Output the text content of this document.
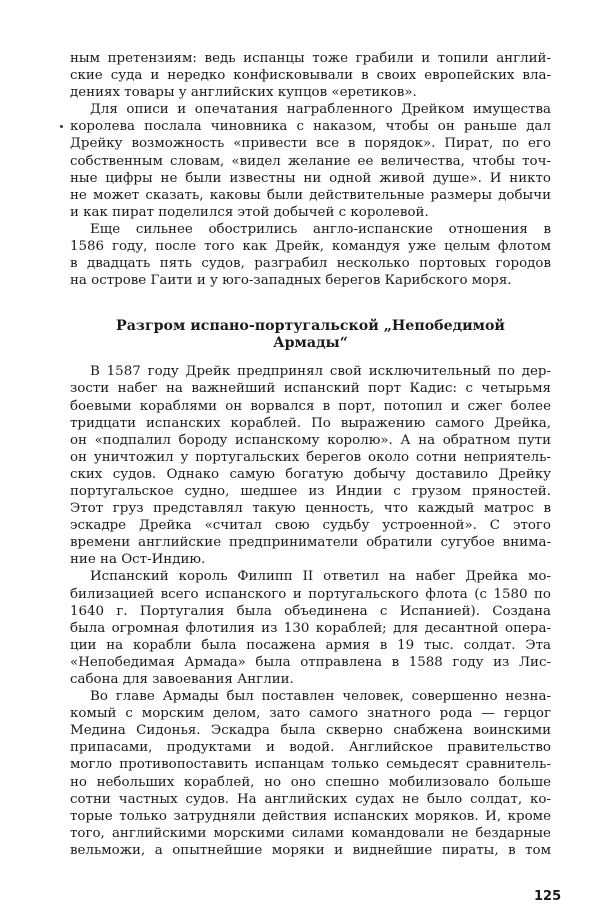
ным претензиям: ведь испанцы тоже грабили и топили англий-
ские суда и нередко конфисковывали в своих европейских вла-
дениях товары у английских купцов «еретиков».
Для описи и опечатания награбленного Дрейком имущества
королева послала чиновника с наказом, чтобы он раньше дал
Дрейку возможность «привести все в порядок». Пират, по его
собственным словам, «видел желание ее величества, чтобы точ-
ные цифры не были известны ни одной живой душе». И никто
не может сказать, каковы были действительные размеры добычи
и как пират поделился этой добычей с королевой.
Еще сильнее обострились англо-испанские отношения в
1586 году, после того как Дрейк, командуя уже целым флотом
в двадцать пять судов, разграбил несколько портовых городов
на острове Гаити и у юго-западных берегов Карибского моря.
Разгром испано-португальской „Непобедимой
Армады“
В 1587 году Дрейк предпринял свой исключительный по дер-
зости набег на важнейший испанский порт Кадис: с четырьмя
боевыми кораблями он ворвался в порт, потопил и сжег более
тридцати испанских кораблей. По выражению самого Дрейка,
он «подпалил бороду испанскому королю». А на обратном пути
он уничтожил у португальских берегов около сотни неприятель-
ских судов. Однако самую богатую добычу доставило Дрейку
португальское судно, шедшее из Индии с грузом пряностей.
Этот груз представлял такую ценность, что каждый матрос в
эскадре Дрейка «считал свою судьбу устроенной». С этого
времени английские предприниматели обратили сугубое внима-
ние на Ост-Индию.
Испанский король Филипп II ответил на набег Дрейка мо-
билизацией всего испанского и португальского флота (с 1580 по
1640 г. Португалия была объединена с Испанией). Создана
была огромная флотилия из 130 кораблей; для десантной опера-
ции на корабли была посажена армия в 19 тыс. солдат. Эта
«Непобедимая Армада» была отправлена в 1588 году из Лис-
сабона для завоевания Англии.
Во главе Армады был поставлен человек, совершенно незна-
комый с морским делом, зато самого знатного рода — герцог
Медина Сидонья. Эскадра была скверно снабжена воинскими
припасами, продуктами и водой. Английское правительство
могло противопоставить испанцам только семьдесят сравнитель-
но небольших кораблей, но оно спешно мобилизовало больше
сотни частных судов. На английских судах не было солдат, ко-
торые только затрудняли действия испанских моряков. И, кроме
того, английскими морскими силами командовали не бездарные
вельможи, а опытнейшие моряки и виднейшие пираты, в том
125
